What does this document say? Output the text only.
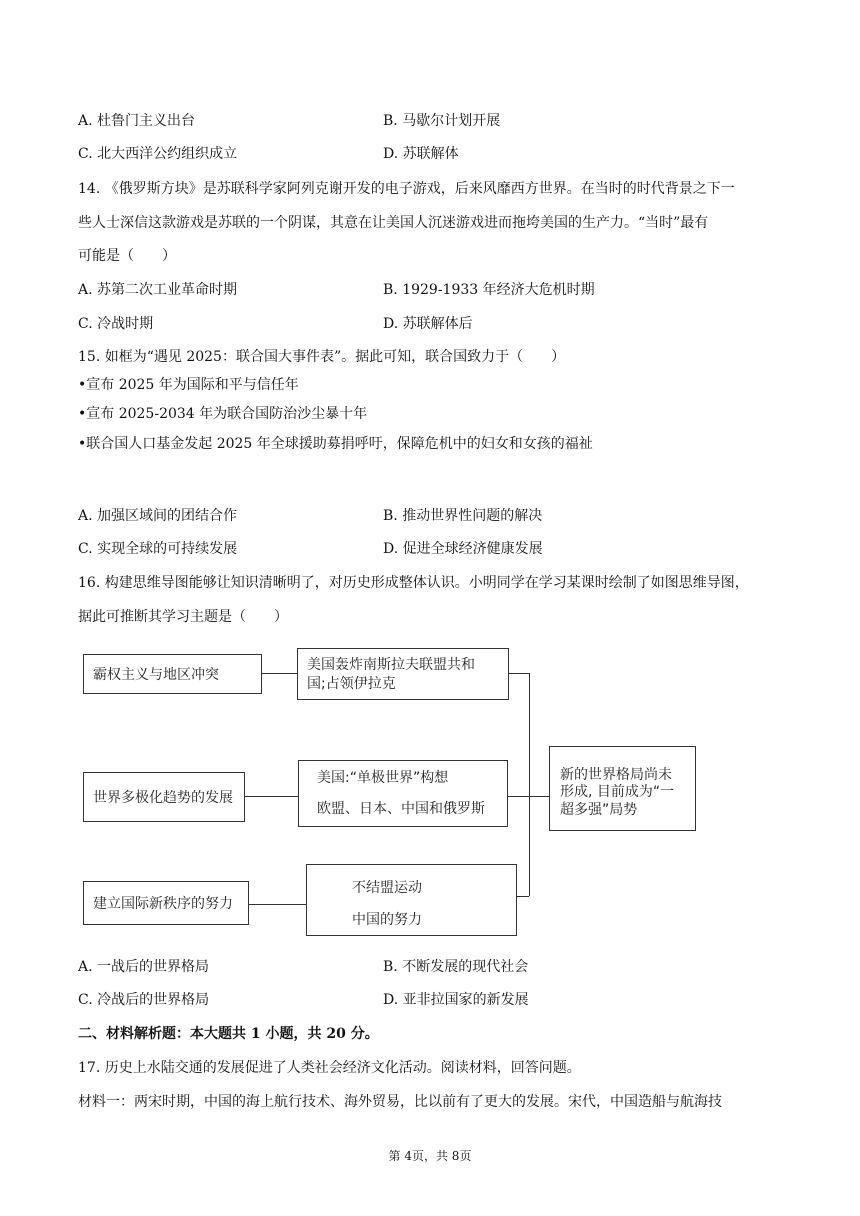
A. 杜鲁门主义出台	B. 马歇尔计划开展
C. 北大西洋公约组织成立	D. 苏联解体
14. 《俄罗斯方块》是苏联科学家阿列克谢开发的电子游戏，后来风靡西方世界。在当时的时代背景之下一
些人士深信这款游戏是苏联的一个阴谋，其意在让美国人沉迷游戏进而拖垮美国的生产力。“当时”最有
可能是（　　）
A. 苏第二次工业革命时期	B. 1929-1933 年经济大危机时期
C. 冷战时期	D. 苏联解体后
15. 如框为“遇见 2025：联合国大事件表”。据此可知，联合国致力于（　　）
•宣布 2025 年为国际和平与信任年
•宣布 2025-2034 年为联合国防治沙尘暴十年
•联合国人口基金发起 2025 年全球援助募捐呼吁，保障危机中的妇女和女孩的福祉
A. 加强区域间的团结合作	B. 推动世界性问题的解决
C. 实现全球的可持续发展	D. 促进全球经济健康发展
16. 构建思维导图能够让知识清晰明了，对历史形成整体认识。小明同学在学习某课时绘制了如图思维导图，
据此可推断其学习主题是（　　）
霸权主义与地区冲突
世界多极化趋势的发展
建立国际新秩序的努力
美国轰炸南斯拉夫联盟共和
国;占领伊拉克
美国:“单极世界”构想
欧盟、日本、中国和俄罗斯
不结盟运动
中国的努力
新的世界格局尚未
形成, 目前成为“一
超多强”局势
A. 一战后的世界格局	B. 不断发展的现代社会
C. 冷战后的世界格局	D. 亚非拉国家的新发展
二、材料解析题：本大题共 1 小题，共 20 分。
17. 历史上水陆交通的发展促进了人类社会经济文化活动。阅读材料，回答问题。
材料一：两宋时期，中国的海上航行技术、海外贸易，比以前有了更大的发展。宋代，中国造船与航海技
第 4页，共 8页
